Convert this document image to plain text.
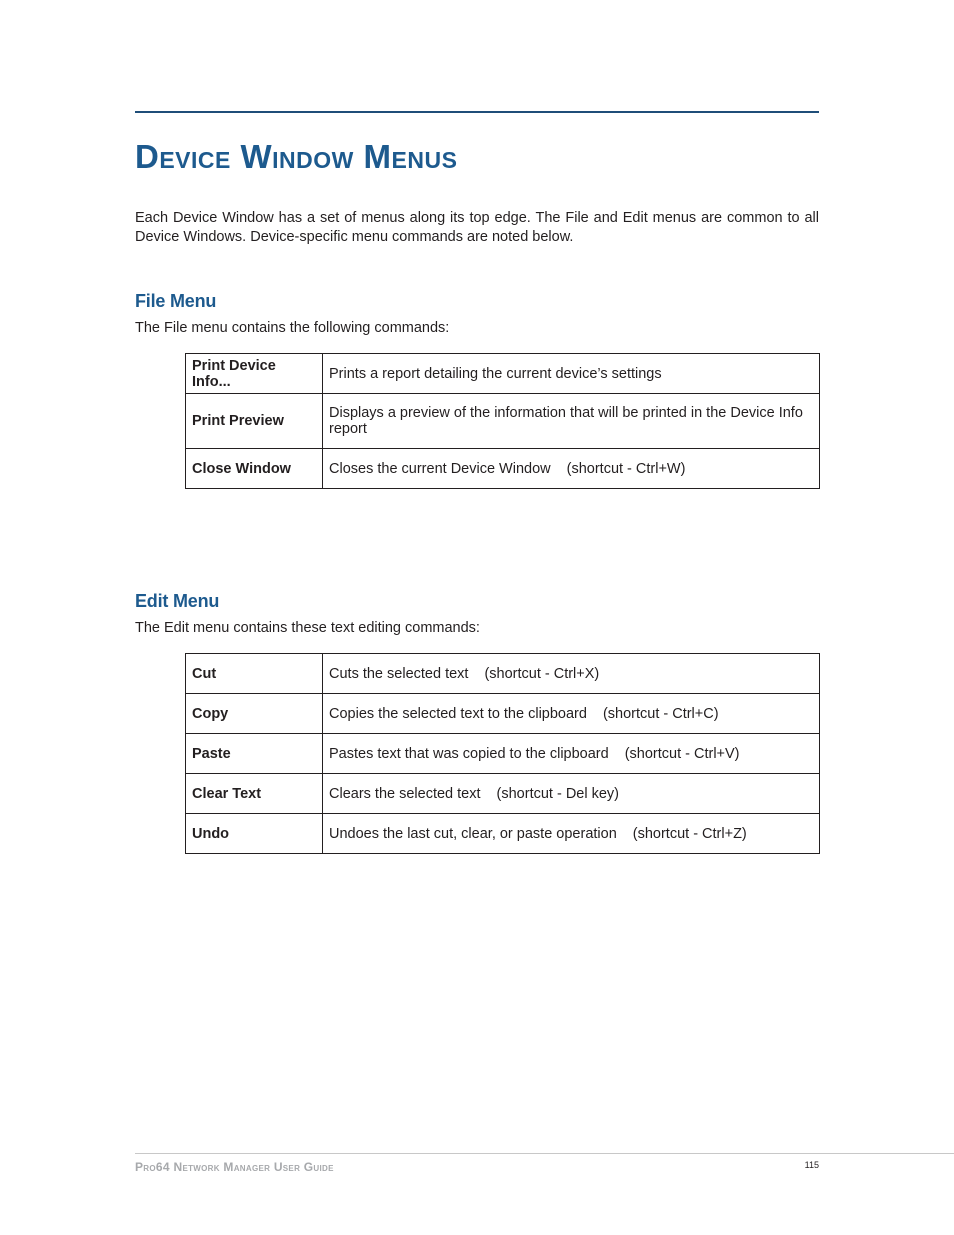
Device Window Menus

Each Device Window has a set of menus along its top edge. The File and Edit menus are common to all Device Windows. Device-specific menu commands are noted below.

File Menu

The File menu contains the following commands:

Print Device Info...	Prints a report detailing the current device’s settings
Print Preview	Displays a preview of the information that will be printed in the Device Info report
Close Window	Closes the current Device Window (shortcut - Ctrl+W)
Edit Menu

The Edit menu contains these text editing commands:

Cut	Cuts the selected text (shortcut - Ctrl+X)
Copy	Copies the selected text to the clipboard (shortcut - Ctrl+C)
Paste	Pastes text that was copied to the clipboard (shortcut - Ctrl+V)
Clear Text	Clears the selected text (shortcut - Del key)
Undo	Undoes the last cut, clear, or paste operation (shortcut - Ctrl+Z)

Pro64 Network Manager User Guide	115
